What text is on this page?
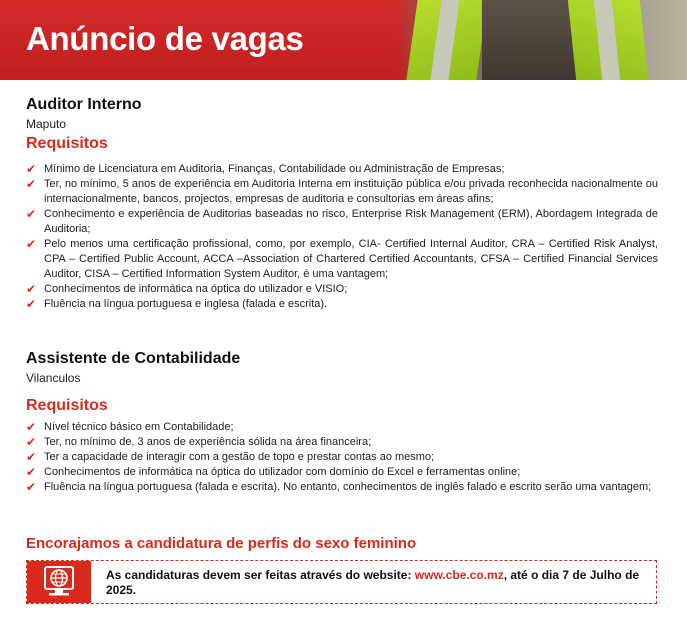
Anúncio de vagas
Auditor Interno
Maputo
Requisitos
✔ Mínimo de Licenciatura em Auditoria, Finanças, Contabilidade ou Administração de Empresas;
✔ Ter, no mínimo, 5 anos de experiência em Auditoria Interna em instituição pública e/ou privada reconhecida nacionalmente ou internacionalmente, bancos, projectos, empresas de auditoria e consultorias em áreas afins;
✔ Conhecimento e experiência de Auditorias baseadas no risco, Enterprise Risk Management (ERM), Abordagem Integrada de Auditoria;
✔ Pelo menos uma certificação profissional, como, por exemplo, CIA- Certified Internal Auditor, CRA – Certified Risk Analyst, CPA – Certified Public Account, ACCA –Association of Chartered Certified Accountants, CFSA – Certified Financial Services Auditor, CISA – Certified Information System Auditor, é uma vantagem;
✔ Conhecimentos de informática na óptica do utilizador e VISIO;
✔ Fluência na língua portuguesa e inglesa (falada e escrita).
Assistente de Contabilidade
Vilanculos
Requisitos
✔ Nível técnico básico em Contabilidade;
✔ Ter, no mínimo de, 3 anos de experiência sólida na área financeira;
✔ Ter a capacidade de interagir com a gestão de topo e prestar contas ao mesmo;
✔ Conhecimentos de informática na óptica do utilizador com domínio do Excel e ferramentas online;
✔ Fluência na língua portuguesa (falada e escrita). No entanto, conhecimentos de inglês falado e escrito serão uma vantagem;
Encorajamos a candidatura de perfis do sexo feminino
As candidaturas devem ser feitas através do website: www.cbe.co.mz, até o dia 7 de Julho de 2025.
